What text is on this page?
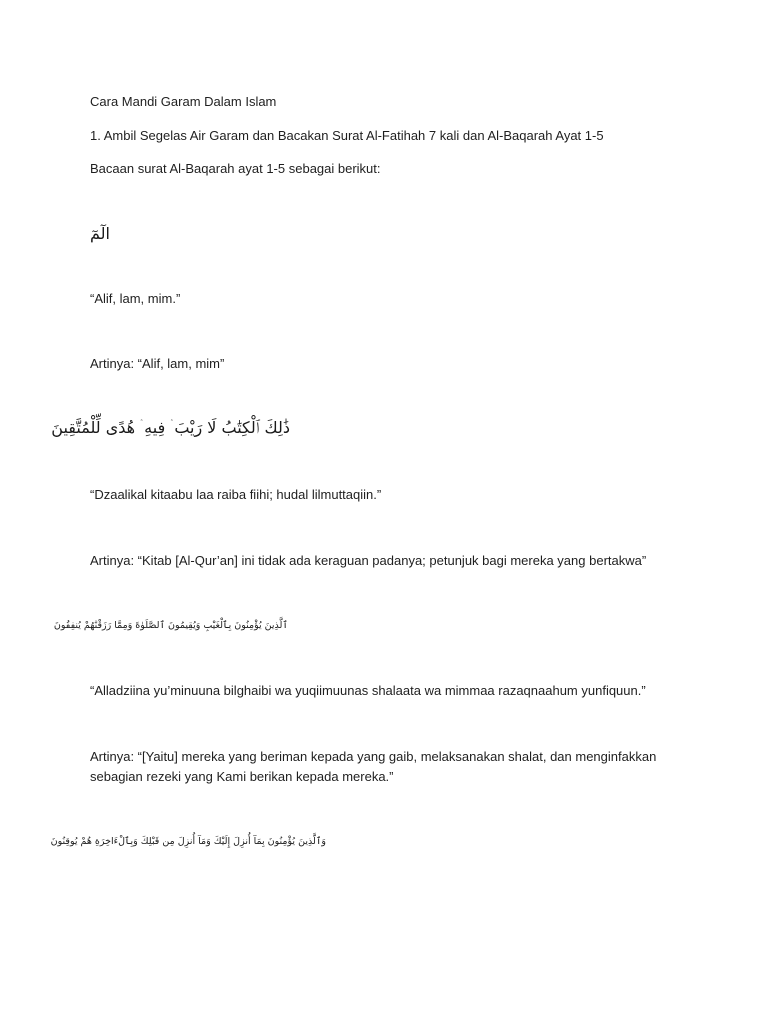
Cara Mandi Garam Dalam Islam
1. Ambil Segelas Air Garam dan Bacakan Surat Al-Fatihah 7 kali dan Al-Baqarah Ayat 1-5
Bacaan surat Al-Baqarah ayat 1-5 sebagai berikut:
الٓمٓ
“Alif, lam, mim.”
Artinya: “Alif, lam, mim”
ذَٰلِكَ ٱلْكِتَٰبُ لَا رَيْبَ ۛ فِيهِ ۛ هُدًى لِّلْمُتَّقِينَ
“Dzaalikal kitaabu laa raiba fiihi; hudal lilmuttaqiin.”
Artinya: “Kitab [Al-Qur’an] ini tidak ada keraguan padanya; petunjuk bagi mereka yang bertakwa”
ٱلَّذِينَ يُؤْمِنُونَ بِٱلْغَيْبِ وَيُقِيمُونَ ٱلصَّلَوٰةَ وَمِمَّا رَزَقْنَٰهُمْ يُنفِقُونَ
“Alladziina yu’minuuna bilghaibi wa yuqiimuunas shalaata wa mimmaa razaqnaahum yunfiquun.”
Artinya: “[Yaitu] mereka yang beriman kepada yang gaib, melaksanakan shalat, dan menginfakkan sebagian rezeki yang Kami berikan kepada mereka.”
وَٱلَّذِينَ يُؤْمِنُونَ بِمَآ أُنزِلَ إِلَيْكَ وَمَآ أُنزِلَ مِن قَبْلِكَ وَبِٱلْءَاخِرَةِ هُمْ يُوقِنُونَ
